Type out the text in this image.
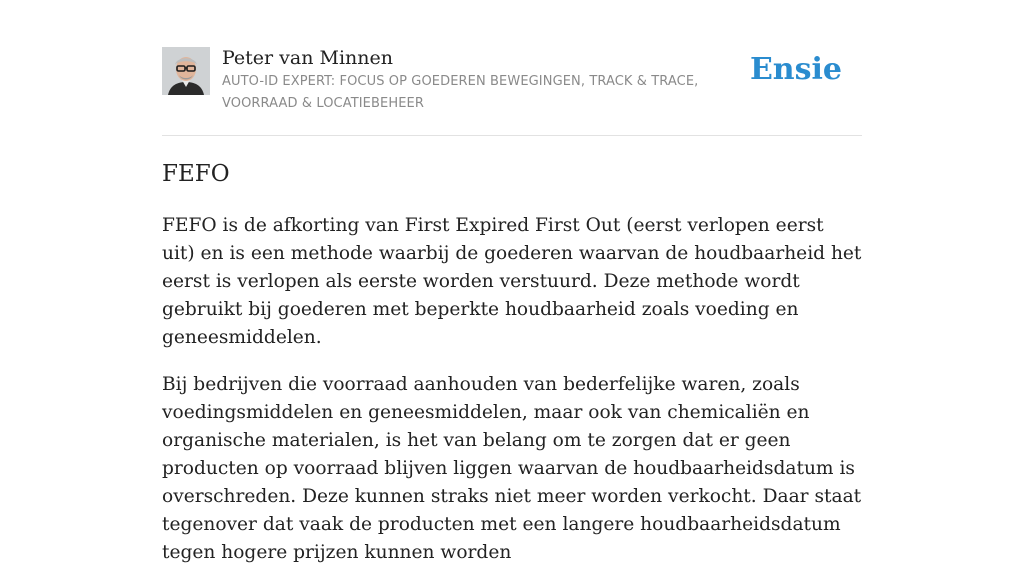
Peter van Minnen
AUTO-ID EXPERT: FOCUS OP GOEDEREN BEWEGINGEN, TRACK & TRACE, VOORRAAD & LOCATIEBEHEER
Ensie
FEFO

FEFO is de afkorting van First Expired First Out (eerst verlopen eerst uit) en is een methode waarbij de goederen waarvan de houdbaarheid het eerst is verlopen als eerste worden verstuurd. Deze methode wordt gebruikt bij goederen met beperkte houdbaarheid zoals voeding en geneesmiddelen.

Bij bedrijven die voorraad aanhouden van bederfelijke waren, zoals voedingsmiddelen en geneesmiddelen, maar ook van chemicaliën en organische materialen, is het van belang om te zorgen dat er geen producten op voorraad blijven liggen waarvan de houdbaarheidsdatum is overschreden. Deze kunnen straks niet meer worden verkocht. Daar staat tegenover dat vaak de producten met een langere houdbaarheidsdatum tegen hogere prijzen kunnen worden
